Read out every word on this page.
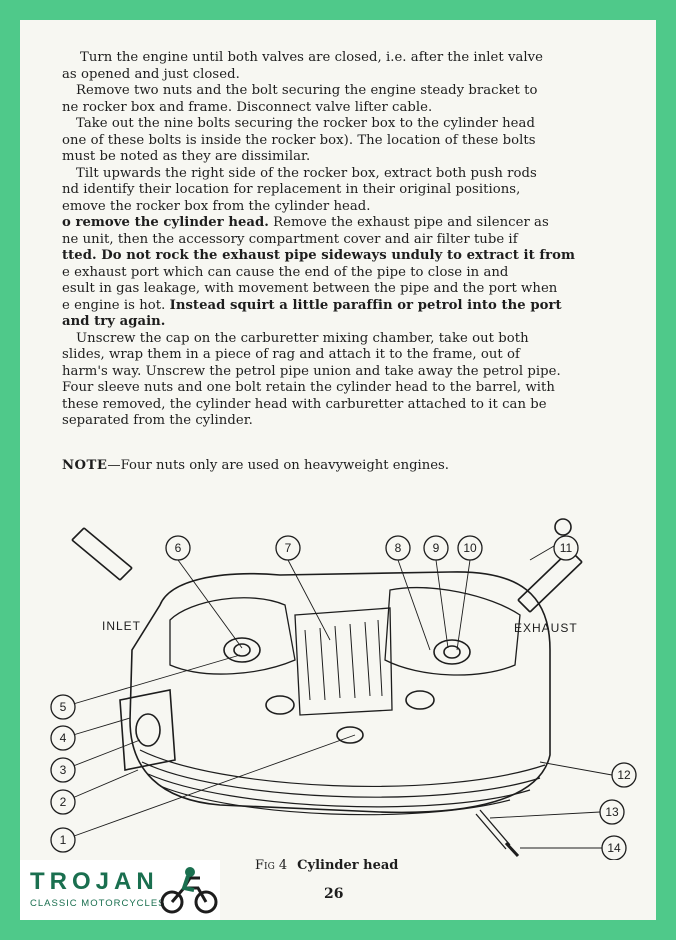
Turn the engine until both valves are closed, i.e. after the inlet valve
as opened and just closed.
Remove two nuts and the bolt securing the engine steady bracket to
ne rocker box and frame. Disconnect valve lifter cable.
Take out the nine bolts securing the rocker box to the cylinder head
one of these bolts is inside the rocker box). The location of these bolts
must be noted as they are dissimilar.
Tilt upwards the right side of the rocker box, extract both push rods
nd identify their location for replacement in their original positions,
emove the rocker box from the cylinder head.
o remove the cylinder head. Remove the exhaust pipe and silencer as
ne unit, then the accessory compartment cover and air filter tube if
tted. Do not rock the exhaust pipe sideways unduly to extract it from
e exhaust port which can cause the end of the pipe to close in and
esult in gas leakage, with movement between the pipe and the port when
e engine is hot. Instead squirt a little paraffin or petrol into the port
and try again.
Unscrew the cap on the carburetter mixing chamber, take out both
slides, wrap them in a piece of rag and attach it to the frame, out of
harm's way. Unscrew the petrol pipe union and take away the petrol pipe.
Four sleeve nuts and one bolt retain the cylinder head to the barrel, with
these removed, the cylinder head with carburetter attached to it can be
separated from the cylinder.
NOTE—Four nuts only are used on heavyweight engines.
1
2
3
4
5
6	7	8	9 10	11
12
13
14
INLET	EXHAUST
Fig 4 Cylinder head
26
TROJAN
CLASSIC MOTORCYCLES
